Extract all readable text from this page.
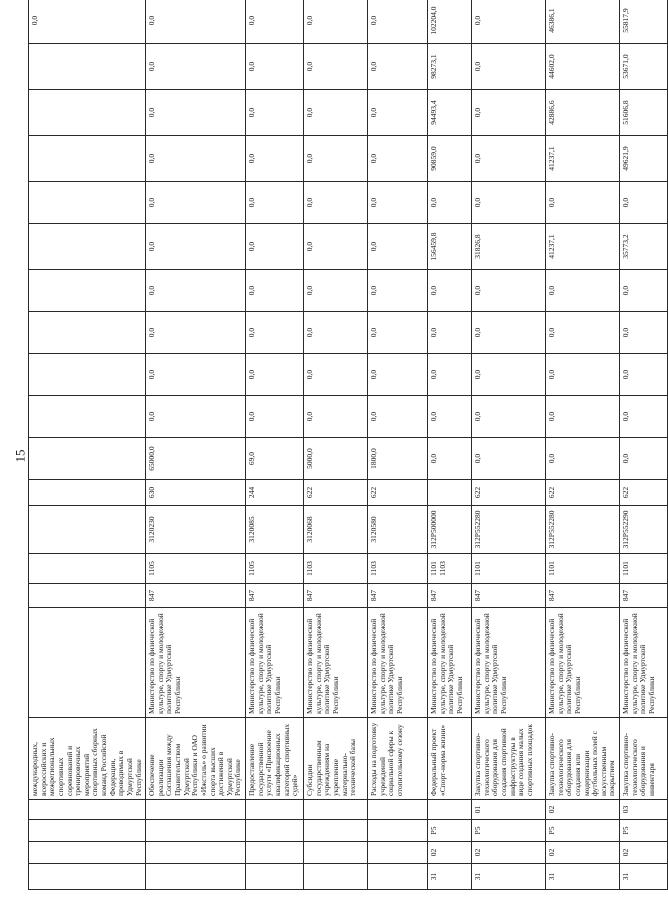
15
				международных, всероссийских и межрегиональных спортивных соревнований и тренировочных мероприятий спортивных сборных команд Российской Федерации, проводимых в Удмуртской Республике																0,0
				Обеспечение реализации Соглашения между Правительством Удмуртской Республики и ОАО «Ижсталь» о развитии спорта высших достижений в Удмуртской Республике	Министерство по физической культуре, спорту и молодежной политике Удмуртской Республики	847	1105	3120230	630	65000,0	0,0	0,0	0,0	0,0	0,0	0,0	0,0	0,0	0,0	0,0
				Предоставление государственной услуги «Присвоение квалификационных категорий спортивных судей»	Министерство по физической культуре, спорту и молодежной политике Удмуртской Республики	847	1105	3120085	244	69,0	0,0	0,0	0,0	0,0	0,0	0,0	0,0	0,0	0,0	0,0
				Субсидии государственным учреждениям на укрепление материально-технической базы	Министерство по физической культуре, спорту и молодежной политике Удмуртской Республики	847	1103	3120068	622	5000,0	0,0	0,0	0,0	0,0	0,0	0,0	0,0	0,0	0,0	0,0
				Расходы на подготовку учреждений социальной сферы к отопительному сезону	Министерство по физической культуре, спорту и молодежной политике Удмуртской Республики	847	1103	3120580	622	1800,0	0,0	0,0	0,0	0,0	0,0	0,0	0,0	0,0	0,0	0,0
31	02	P5		Федеральный проект «Спорт-норма жизни»	Министерство по физической культуре, спорту и молодежной политике Удмуртской Республики	847	1101 1103	312P500000		0,0	0,0	0,0	0,0	0,0	156459,8	0,0	90859,0	94493,4	98273,1	102204,0
31	02	P5	01	Закупка спортивно-технологического оборудования для создания спортивной инфраструктуры в виде создания малых спортивных площадок	Министерство по физической культуре, спорту и молодежной политике Удмуртской Республики	847	1101	312P552280	622	0,0	0,0	0,0	0,0	0,0	31826,8	0,0	0,0	0,0	0,0	0,0
31	02	P5	02	Закупка спортивно-технологического оборудования для создания или модернизации футбольных полей с искусственным покрытием	Министерство по физической культуре, спорту и молодежной политике Удмуртской Республики	847	1101	312P552280	622	0,0	0,0	0,0	0,0	0,0	41237,1	0,0	41237,1	42886,6	44602,0	46386,1
31	02	P5	03	Закупка спортивно-технологического оборудования и инвентаря	Министерство по физической культуре, спорту и молодежной политике Удмуртской Республики	847	1101	312P552290	622	0,0	0,0	0,0	0,0	0,0	35773,2	0,0	49621,9	51606,8	53671,0	55817,9
